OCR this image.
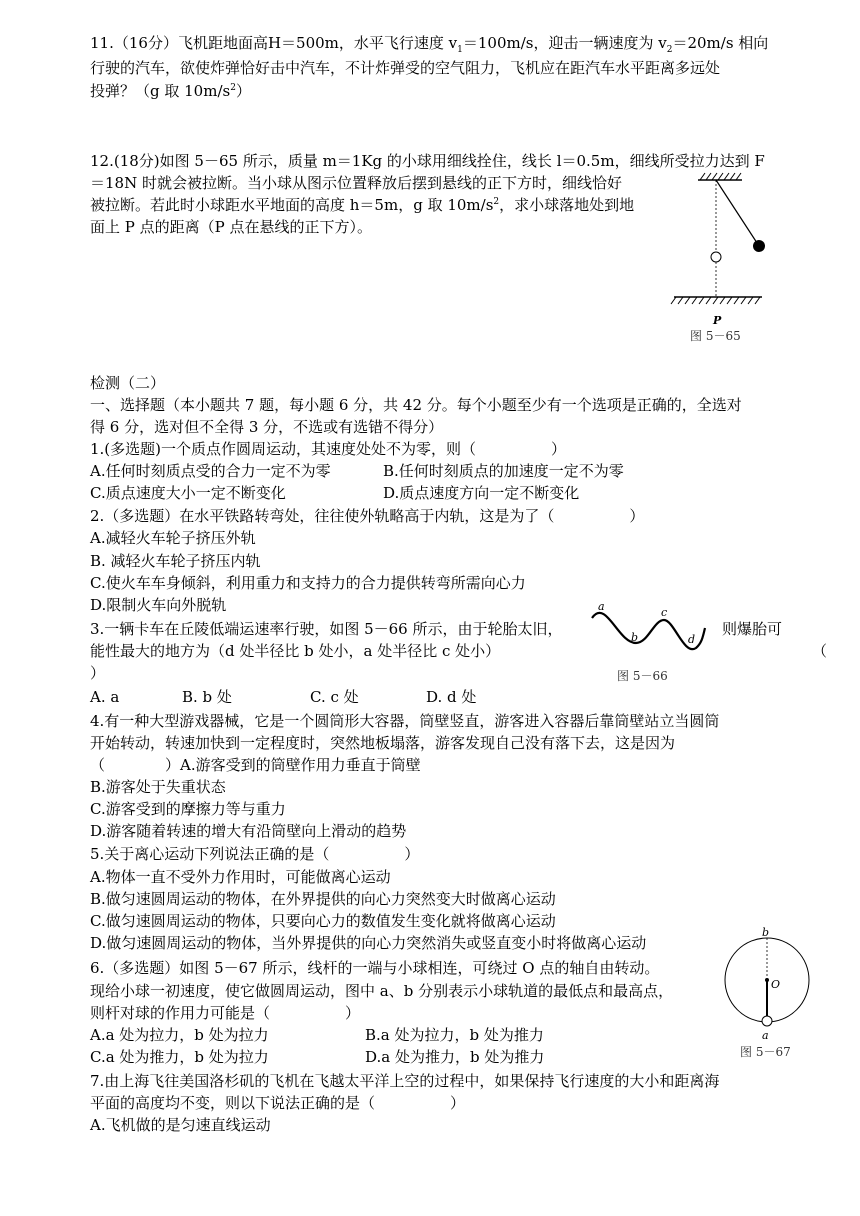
11.（16分）飞机距地面高H＝500m，水平飞行速度 $v_1=100m/s$，迎击一辆速度为 $v_2=20m/s$ 相向
行驶的汽车，欲使炸弹恰好击中汽车，不计炸弹受的空气阻力，飞机应在距汽车水平距离多远处
投弹？（g 取 $10m/s^2$）
12.(18分)如图 5－65 所示，质量 m＝1Kg 的小球用细线拴住，线长 l＝0.5m，细线所受拉力达到 F
＝18N 时就会被拉断。当小球从图示位置释放后摆到悬线的正下方时，细线恰好
被拉断。若此时小球距水平地面的高度 h＝5m，g 取 $10m/s^2$，求小球落地处到地
面上 P 点的距离（P 点在悬线的正下方）。
P
图 5－65
检测（二）
一、选择题（本小题共 7 题，每小题 6 分，共 42 分。每个小题至少有一个选项是正确的，全选对
得 6 分，选对但不全得 3 分，不选或有选错不得分）
1.(多选题)一个质点作圆周运动，其速度处处不为零，则（　　　　　）
A.任何时刻质点受的合力一定不为零	B.任何时刻质点的加速度一定不为零
C.质点速度大小一定不断变化	D.质点速度方向一定不断变化
2.（多选题）在水平铁路转弯处，往往使外轨略高于内轨，这是为了（　　　　　）
A.减轻火车轮子挤压外轨
B. 减轻火车轮子挤压内轨
C.使火车车身倾斜，利用重力和支持力的合力提供转弯所需向心力
D.限制火车向外脱轨
3.一辆卡车在丘陵低端运速率行驶，如图 5－66 所示，由于轮胎太旧，	则爆胎可
能性最大的地方为（d 处半径比 b 处小，a 处半径比 c 处小）	（
）
a
b
c
d
图 5－66
A. a	B. b 处	C. c 处	D. d 处
4.有一种大型游戏器械，它是一个圆筒形大容器，筒壁竖直，游客进入容器后靠筒壁站立当圆筒
开始转动，转速加快到一定程度时，突然地板塌落，游客发现自己没有落下去，这是因为
（　　　　）A.游客受到的筒壁作用力垂直于筒壁
B.游客处于失重状态
C.游客受到的摩擦力等与重力
D.游客随着转速的增大有沿筒壁向上滑动的趋势
5.关于离心运动下列说法正确的是（　　　　　）
A.物体一直不受外力作用时，可能做离心运动
B.做匀速圆周运动的物体，在外界提供的向心力突然变大时做离心运动
C.做匀速圆周运动的物体，只要向心力的数值发生变化就将做离心运动
D.做匀速圆周运动的物体，当外界提供的向心力突然消失或竖直变小时将做离心运动
6.（多选题）如图 5－67 所示，线杆的一端与小球相连，可绕过 O 点的轴自由转动。
现给小球一初速度，使它做圆周运动，图中 a、b 分别表示小球轨道的最低点和最高点，
则杆对球的作用力可能是（　　　　　）
A.a 处为拉力，b 处为拉力	B.a 处为拉力，b 处为推力
C.a 处为推力，b 处为拉力	D.a 处为推力，b 处为推力
b
O
a
图 5－67
7.由上海飞往美国洛杉矶的飞机在飞越太平洋上空的过程中，如果保持飞行速度的大小和距离海
平面的高度均不变，则以下说法正确的是（　　　　　）
A.飞机做的是匀速直线运动
